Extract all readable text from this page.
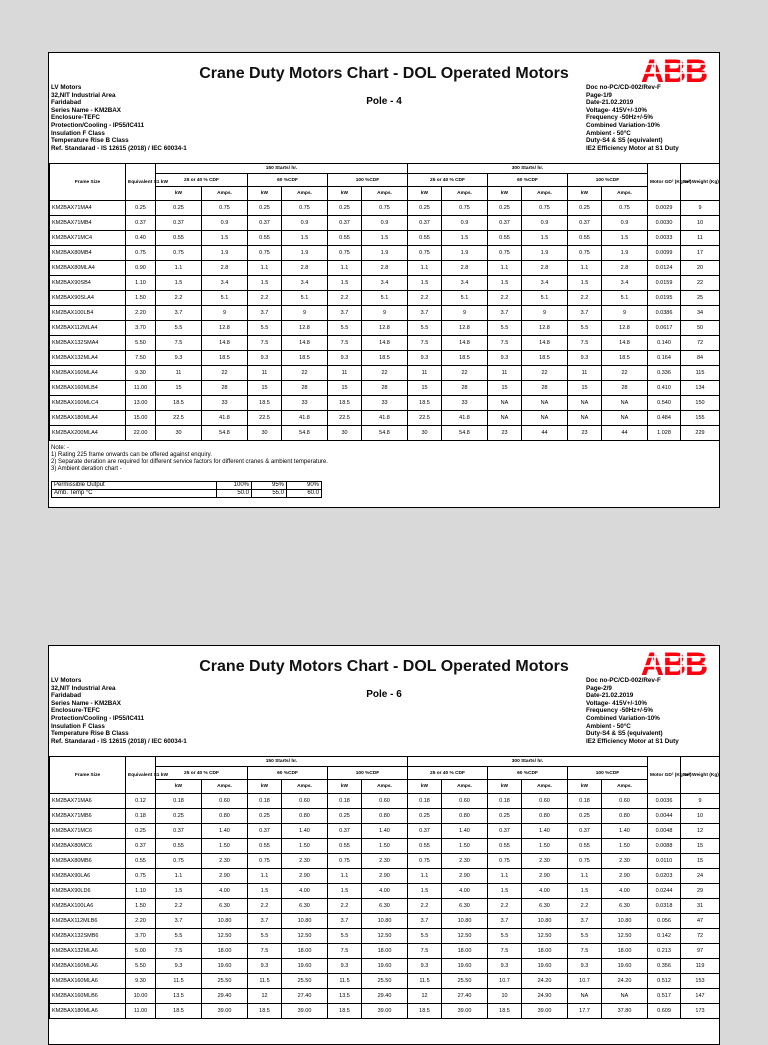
Crane Duty Motors Chart - DOL Operated Motors	ABB
LV Motors
32,NIT Industrial Area
Faridabad
Series Name - KM2BAX
Enclosure-TEFC
Protection/Cooling - IP55/IC411
Insulation F Class
Temperature Rise B Class
Ref. Standarad - IS 12615 (2018) / IEC 60034-1
Pole - 4
Doc no-PC/CD-002/Rev-F
Page-1/9
Date-21.02.2019
Voltage- 415V+/-10%
Frequency -50Hz+/-5%
Combined Variation-10%
Ambient - 50°C
Duty-S4 & S5 (equivalent)
IE2 Efficiency Motor at S1 Duty
Frame Size	Equivalent S1 kW	150 Starts/ hr.						300 Starts/ hr.						Motor GD² (Kg m²)	Net Weight (Kg)
		25 or 40 % CDF		60 %CDF		100 %CDF		25 or 40 % CDF		60 %CDF		100 %CDF			
		kW	Amps.	kW	Amps.	kW	Amps.	kW	Amps.	kW	Amps.	kW	Amps.		
KM2BAX71MA4	0.25	0.25	0.75	0.25	0.75	0.25	0.75	0.25	0.75	0.25	0.75	0.25	0.75	0.0029	9
KM2BAX71MB4	0.37	0.37	0.9	0.37	0.9	0.37	0.9	0.37	0.9	0.37	0.9	0.37	0.9	0.0030	10
KM2BAX71MC4	0.40	0.55	1.5	0.55	1.5	0.55	1.5	0.55	1.5	0.55	1.5	0.55	1.5	0.0033	11
KM2BAX80MB4	0.75	0.75	1.9	0.75	1.9	0.75	1.9	0.75	1.9	0.75	1.9	0.75	1.9	0.0099	17
KM2BAX80MLA4	0.90	1.1	2.8	1.1	2.8	1.1	2.8	1.1	2.8	1.1	2.8	1.1	2.8	0.0124	20
KM2BAX90SB4	1.10	1.5	3.4	1.5	3.4	1.5	3.4	1.5	3.4	1.5	3.4	1.5	3.4	0.0159	22
KM2BAX90SLA4	1.50	2.2	5.1	2.2	5.1	2.2	5.1	2.2	5.1	2.2	5.1	2.2	5.1	0.0195	25
KM2BAX100LB4	2.20	3.7	9	3.7	9	3.7	9	3.7	9	3.7	9	3.7	9	0.0386	34
KM2BAX112MLA4	3.70	5.5	12.8	5.5	12.8	5.5	12.8	5.5	12.8	5.5	12.8	5.5	12.8	0.0617	50
KM2BAX132SMA4	5.50	7.5	14.8	7.5	14.8	7.5	14.8	7.5	14.8	7.5	14.8	7.5	14.8	0.140	72
KM2BAX132MLA4	7.50	9.3	18.5	9.3	18.5	9.3	18.5	9.3	18.5	9.3	18.5	9.3	18.5	0.164	84
KM2BAX160MLA4	9.30	11	22	11	22	11	22	11	22	11	22	11	22	0.336	115
KM2BAX160MLB4	11.00	15	28	15	28	15	28	15	28	15	28	15	28	0.410	134
KM2BAX160MLC4	13.00	18.5	33	18.5	33	18.5	33	18.5	33	NA	NA	NA	NA	0.540	150
KM2BAX180MLA4	15.00	22.5	41.8	22.5	41.8	22.5	41.8	22.5	41.8	NA	NA	NA	NA	0.484	155
KM2BAX200MLA4	22.00	30	54.8	30	54.8	30	54.8	30	54.8	23	44	23	44	1.028	229
Note: -
1) Rating 225 frame onwards can be offered against enquiry.
2) Separate deration are required for different service factors for different cranes & ambient temperature.
3) Ambient deration chart -
Permissible Output	100%	95%	90%
Amb. Temp °C	50.0	55.0	60.0
Crane Duty Motors Chart - DOL Operated Motors	ABB
LV Motors
32,NIT Industrial Area
Faridabad
Series Name - KM2BAX
Enclosure-TEFC
Protection/Cooling - IP55/IC411
Insulation F Class
Temperature Rise B Class
Ref. Standarad - IS 12615 (2018) / IEC 60034-1
Pole - 6
Doc no-PC/CD-002/Rev-F
Page-2/9
Date-21.02.2019
Voltage- 415V+/-10%
Frequency -50Hz+/-5%
Combined Variation-10%
Ambient - 50°C
Duty-S4 & S5 (equivalent)
IE2 Efficiency Motor at S1 Duty
Frame Size	Equivalent S1 kW	150 Starts/ hr.						300 Starts/ hr.						Motor GD² (Kg m²)	Net Weight (Kg)
		25 or 40 % CDF		60 %CDF		100 %CDF		25 or 40 % CDF		60 %CDF		100 %CDF			
		kW	Amps.	kW	Amps.	kW	Amps.	kW	Amps.	kW	Amps.	kW	Amps.		
KM2BAX71MA6	0.12	0.18	0.60	0.18	0.60	0.18	0.60	0.18	0.60	0.18	0.60	0.18	0.60	0.0036	9
KM2BAX71MB6	0.18	0.25	0.80	0.25	0.80	0.25	0.80	0.25	0.80	0.25	0.80	0.25	0.80	0.0044	10
KM2BAX71MC6	0.25	0.37	1.40	0.37	1.40	0.37	1.40	0.37	1.40	0.37	1.40	0.37	1.40	0.0048	12
KM2BAX80MC6	0.37	0.55	1.50	0.55	1.50	0.55	1.50	0.55	1.50	0.55	1.50	0.55	1.50	0.0088	15
KM2BAX80MB6	0.55	0.75	2.30	0.75	2.30	0.75	2.30	0.75	2.30	0.75	2.30	0.75	2.30	0.0110	15
KM2BAX90LA6	0.75	1.1	2.90	1.1	2.90	1.1	2.90	1.1	2.90	1.1	2.90	1.1	2.90	0.0203	24
KM2BAX90LD6	1.10	1.5	4.00	1.5	4.00	1.5	4.00	1.5	4.00	1.5	4.00	1.5	4.00	0.0244	29
KM2BAX100LA6	1.50	2.2	6.30	2.2	6.30	2.2	6.30	2.2	6.30	2.2	6.30	2.2	6.30	0.0318	31
KM2BAX112MLB6	2.20	3.7	10.80	3.7	10.80	3.7	10.80	3.7	10.80	3.7	10.80	3.7	10.80	0.056	47
KM2BAX132SMB6	3.70	5.5	12.50	5.5	12.50	5.5	12.50	5.5	12.50	5.5	12.50	5.5	12.50	0.142	72
KM2BAX132MLA6	5.00	7.5	18.00	7.5	18.00	7.5	18.00	7.5	18.00	7.5	18.00	7.5	18.00	0.213	97
KM2BAX160MLA6	5.50	9.3	19.60	9.3	19.60	9.3	19.60	9.3	19.60	9.3	19.60	9.3	19.60	0.356	119
KM2BAX160MLA6	9.30	11.5	25.50	11.5	25.50	11.5	25.50	11.5	25.50	10.7	24.20	10.7	24.20	0.512	153
KM2BAX160MLB6	10.00	13.5	29.40	12	27.40	13.5	29.40	12	27.40	10	24.90	NA	NA	0.517	147
KM2BAX180MLA6	11.00	18.5	39.00	18.5	39.00	18.5	39.00	18.5	39.00	18.5	39.00	17.7	37.80	0.609	173
